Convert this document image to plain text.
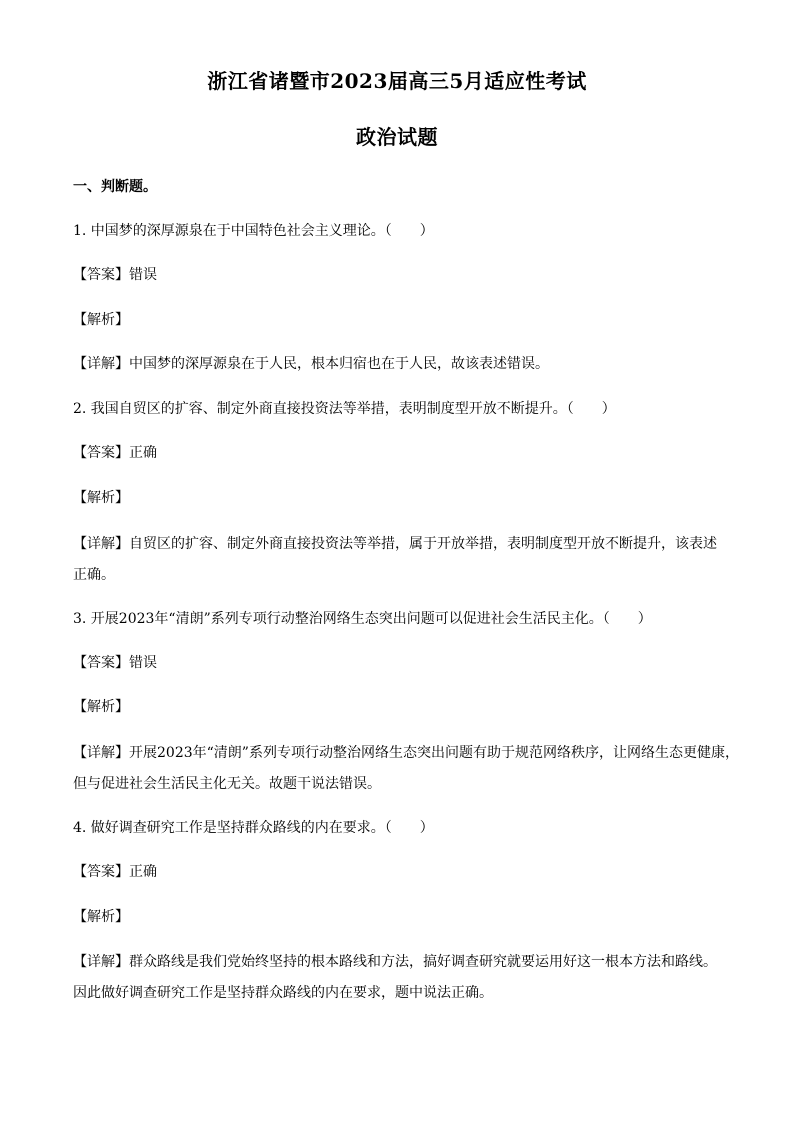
浙江省诸暨市2023届高三5月适应性考试
政治试题
一、判断题。
1. 中国梦的深厚源泉在于中国特色社会主义理论。（　　）
【答案】错误
【解析】
【详解】中国梦的深厚源泉在于人民，根本归宿也在于人民，故该表述错误。
2. 我国自贸区的扩容、制定外商直接投资法等举措，表明制度型开放不断提升。（　　）
【答案】正确
【解析】
【详解】自贸区的扩容、制定外商直接投资法等举措，属于开放举措，表明制度型开放不断提升，该表述
正确。
3. 开展2023年“清朗”系列专项行动整治网络生态突出问题可以促进社会生活民主化。（　　）
【答案】错误
【解析】
【详解】开展2023年“清朗”系列专项行动整治网络生态突出问题有助于规范网络秩序，让网络生态更健康，
但与促进社会生活民主化无关。故题干说法错误。
4. 做好调查研究工作是坚持群众路线的内在要求。（　　）
【答案】正确
【解析】
【详解】群众路线是我们党始终坚持的根本路线和方法，搞好调查研究就要运用好这一根本方法和路线。
因此做好调查研究工作是坚持群众路线的内在要求，题中说法正确。
